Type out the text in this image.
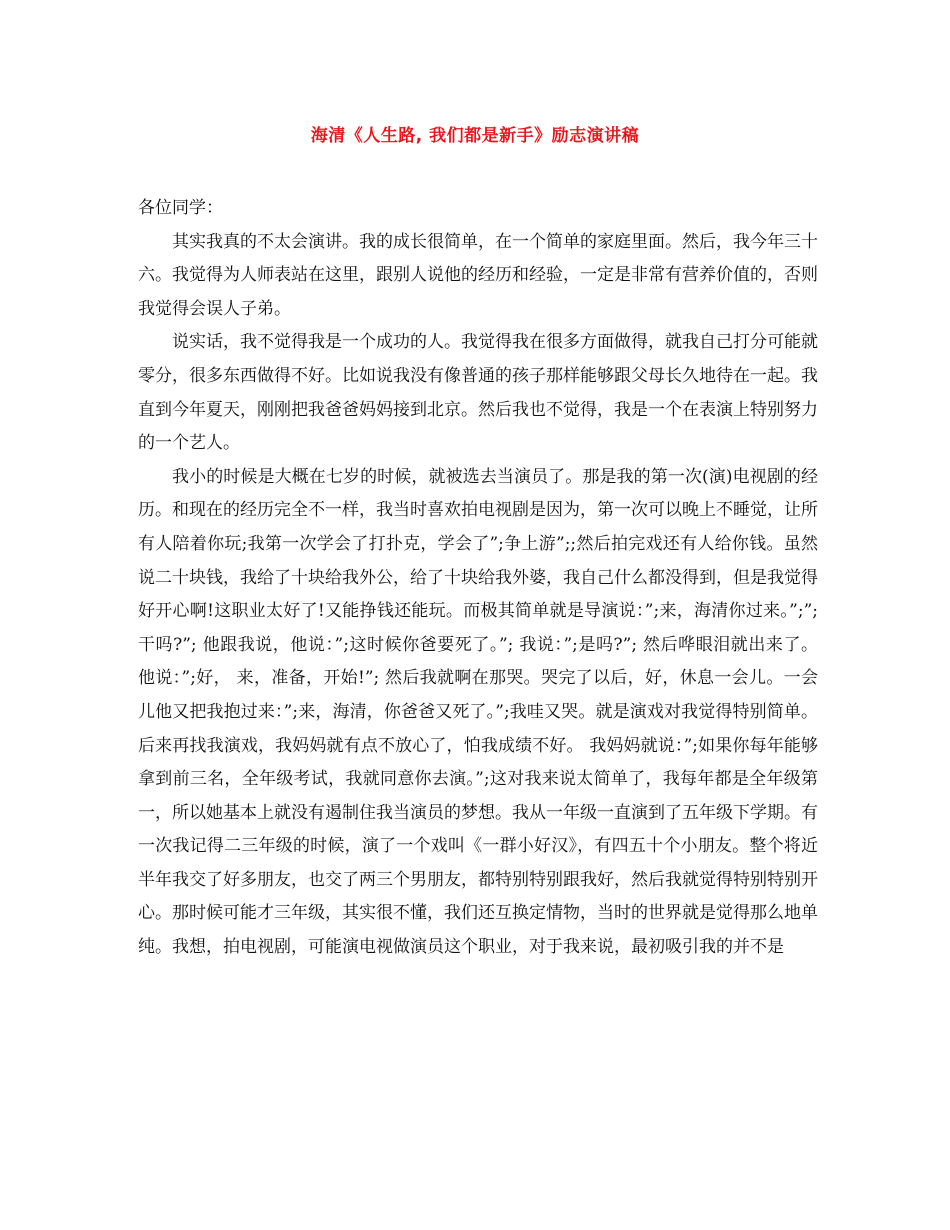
海清《人生路, 我们都是新手》励志演讲稿

各位同学：

其实我真的不太会演讲。我的成长很简单，在一个简单的家庭里面。然后，我今年三十六。我觉得为人师表站在这里，跟别人说他的经历和经验，一定是非常有营养价值的，否则我觉得会误人子弟。

说实话，我不觉得我是一个成功的人。我觉得我在很多方面做得，就我自己打分可能就零分，很多东西做得不好。比如说我没有像普通的孩子那样能够跟父母长久地待在一起。我直到今年夏天，刚刚把我爸爸妈妈接到北京。然后我也不觉得，我是一个在表演上特别努力的一个艺人。

我小的时候是大概在七岁的时候，就被选去当演员了。那是我的第一次(演)电视剧的经历。和现在的经历完全不一样，我当时喜欢拍电视剧是因为，第一次可以晚上不睡觉，让所有人陪着你玩;我第一次学会了打扑克，学会了”;争上游”;;然后拍完戏还有人给你钱。虽然说二十块钱，我给了十块给我外公，给了十块给我外婆，我自己什么都没得到，但是我觉得好开心啊!这职业太好了!又能挣钱还能玩。而极其简单就是导演说：”;来，海清你过来。”;”;干吗?”; 他跟我说，他说：”;这时候你爸要死了。”; 我说：”;是吗?”; 然后哗眼泪就出来了。 他说：”;好， 来，准备，开始!”; 然后我就啊在那哭。哭完了以后，好，休息一会儿。一会儿他又把我抱过来：”;来，海清，你爸爸又死了。”;我哇又哭。就是演戏对我觉得特别简单。后来再找我演戏，我妈妈就有点不放心了，怕我成绩不好。 我妈妈就说：”;如果你每年能够拿到前三名，全年级考试，我就同意你去演。”;这对我来说太简单了，我每年都是全年级第一，所以她基本上就没有遏制住我当演员的梦想。我从一年级一直演到了五年级下学期。有一次我记得二三年级的时候，演了一个戏叫《一群小好汉》，有四五十个小朋友。整个将近半年我交了好多朋友，也交了两三个男朋友，都特别特别跟我好，然后我就觉得特别特别开心。那时候可能才三年级，其实很不懂，我们还互换定情物，当时的世界就是觉得那么地单纯。我想，拍电视剧，可能演电视做演员这个职业，对于我来说，最初吸引我的并不是
